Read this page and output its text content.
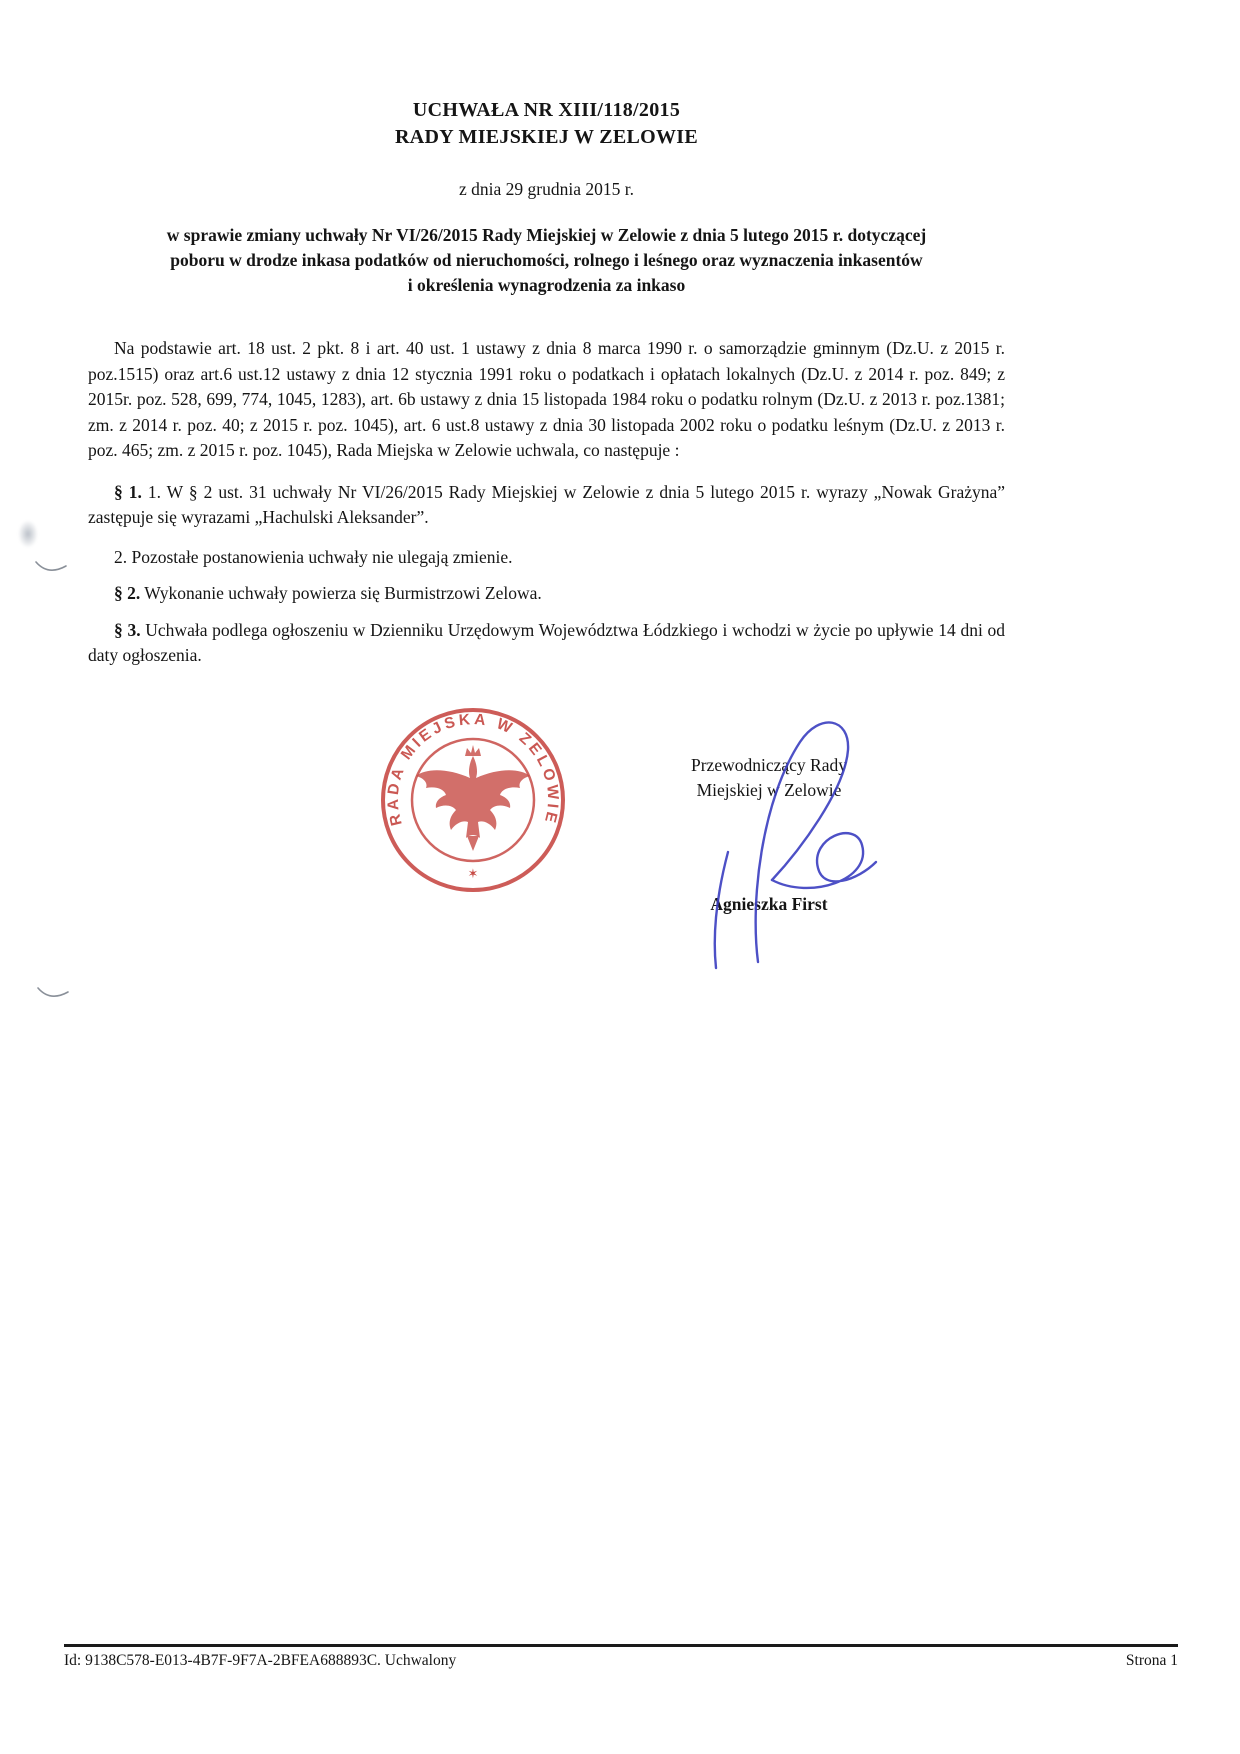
UCHWAŁA NR XIII/118/2015
RADY MIEJSKIEJ W ZELOWIE
z dnia 29 grudnia 2015 r.
w sprawie zmiany uchwały Nr VI/26/2015 Rady Miejskiej w Zelowie z dnia 5 lutego 2015 r. dotyczącej
poboru w drodze inkasa podatków od nieruchomości, rolnego i leśnego oraz wyznaczenia inkasentów
i określenia wynagrodzenia za inkaso

Na podstawie art. 18 ust. 2 pkt. 8 i art. 40 ust. 1 ustawy z dnia 8 marca 1990 r. o samorządzie gminnym (Dz.U. z 2015 r. poz.1515) oraz art.6 ust.12 ustawy z dnia 12 stycznia 1991 roku o podatkach i opłatach lokalnych (Dz.U. z 2014 r. poz. 849; z 2015r. poz. 528, 699, 774, 1045, 1283), art. 6b ustawy z dnia 15 listopada 1984 roku o podatku rolnym (Dz.U. z 2013 r. poz.1381; zm. z 2014 r. poz. 40; z 2015 r. poz. 1045), art. 6 ust.8 ustawy z dnia 30 listopada 2002 roku o podatku leśnym (Dz.U. z 2013 r. poz. 465; zm. z 2015 r. poz. 1045), Rada Miejska w Zelowie uchwala, co następuje :

§ 1. 1. W § 2 ust. 31 uchwały Nr VI/26/2015 Rady Miejskiej w Zelowie z dnia 5 lutego 2015 r. wyrazy „Nowak Grażyna” zastępuje się wyrazami „Hachulski Aleksander”.

2. Pozostałe postanowienia uchwały nie ulegają zmienie.

§ 2. Wykonanie uchwały powierza się Burmistrzowi Zelowa.

§ 3. Uchwała podlega ogłoszeniu w Dzienniku Urzędowym Województwa Łódzkiego i wchodzi w życie po upływie 14 dni od daty ogłoszenia.

RADA MIEJSKA W ZELOWIE
✶
Przewodniczący Rady
Miejskiej w Zelowie
Agnieszka First
Id: 9138C578-E013-4B7F-9F7A-2BFEA688893C. Uchwalony	Strona 1
